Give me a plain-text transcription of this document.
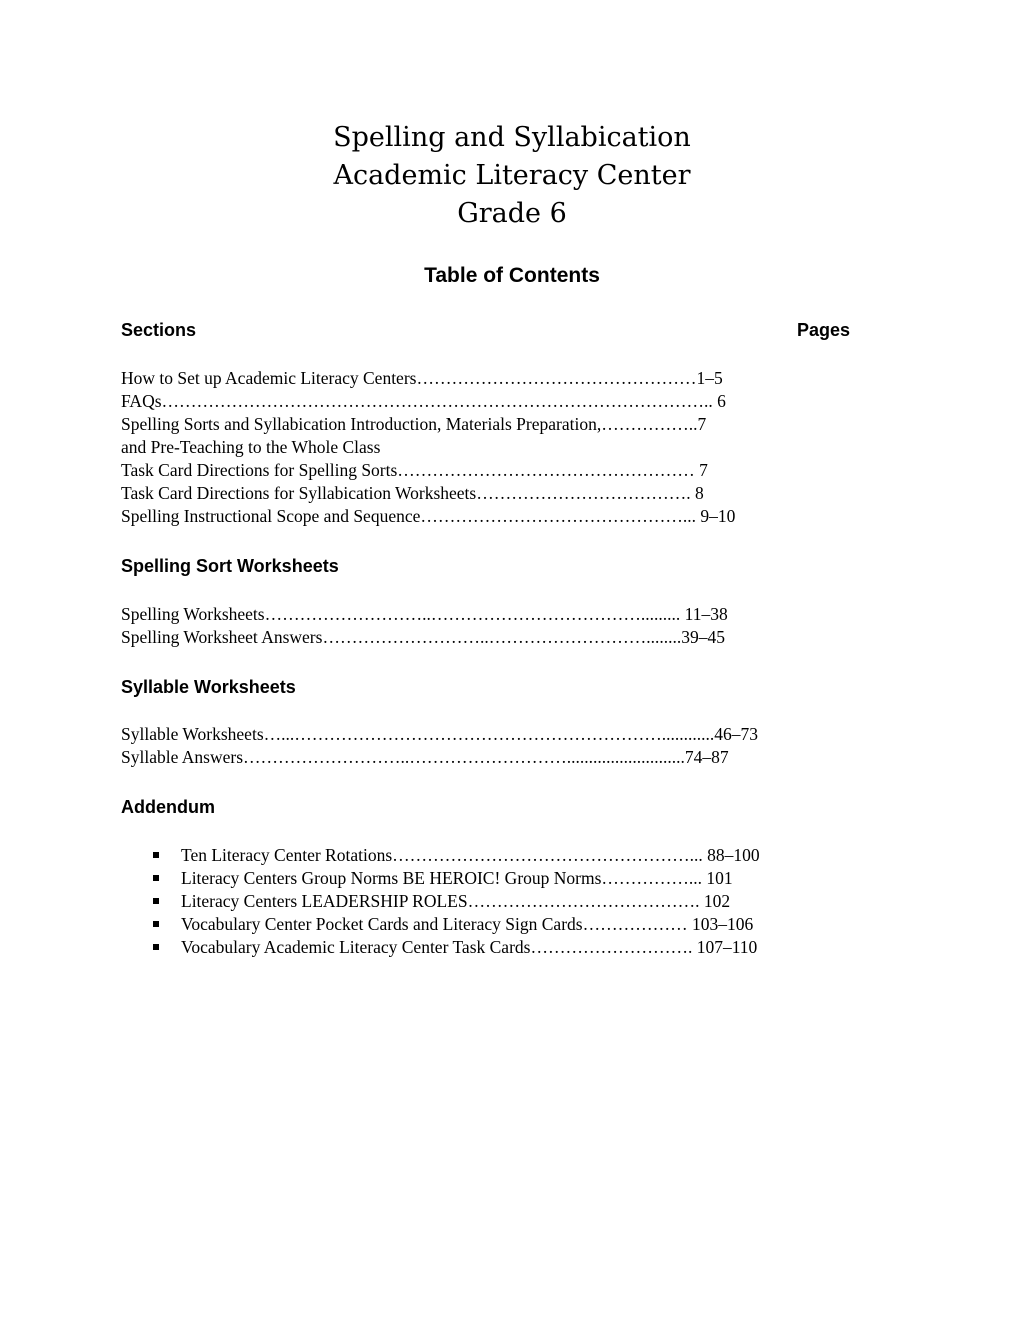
Spelling and Syllabication
Academic Literacy Center
Grade 6
Table of Contents
Sections	Pages
How to Set up Academic Literacy Centers…………………………………………1–5
FAQs………………………………………………………………………………….. 6
Spelling Sorts and Syllabication Introduction, Materials Preparation,……………..7
and Pre-Teaching to the Whole Class
Task Card Directions for Spelling Sorts…………………………………………… 7
Task Card Directions for Syllabication Worksheets………………………………. 8
Spelling Instructional Scope and Sequence………………………………………... 9–10
Spelling Sort Worksheets
Spelling Worksheets………………………..………………………………......... 11–38
Spelling Worksheet Answers………………………..………………………........39–45
Syllable Worksheets
Syllable Worksheets…...………………………………………………………............46–73
Syllable Answers………………………..………………………...........................74–87
Addendum
Ten Literacy Center Rotations……………………………………………... 88–100
Literacy Centers Group Norms BE HEROIC! Group Norms……………... 101
Literacy Centers LEADERSHIP ROLES…………………………………. 102
Vocabulary Center Pocket Cards and Literacy Sign Cards……………… 103–106
Vocabulary Academic Literacy Center Task Cards………………………. 107–110
